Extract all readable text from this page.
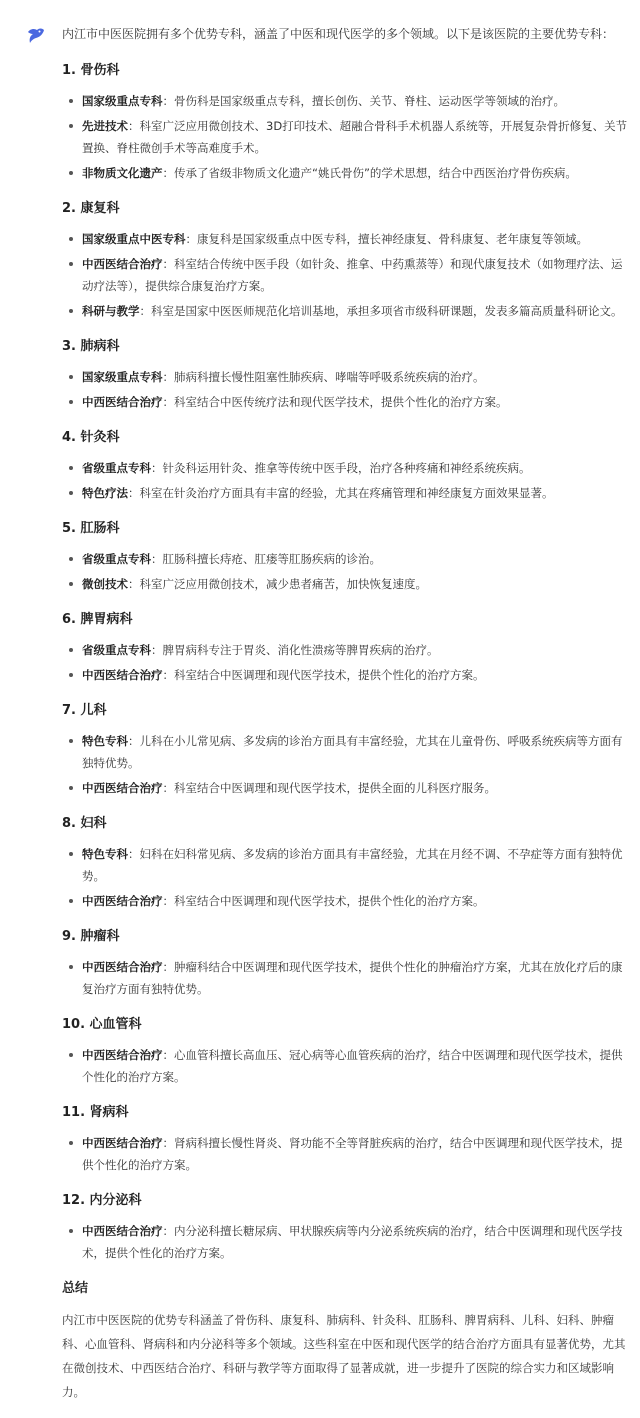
内江市中医医院拥有多个优势专科，涵盖了中医和现代医学的多个领域。以下是该医院的主要优势专科：

1. 骨伤科
国家级重点专科：骨伤科是国家级重点专科，擅长创伤、关节、脊柱、运动医学等领域的治疗。
先进技术：科室广泛应用微创技术、3D打印技术、超融合骨科手术机器人系统等，开展复杂骨折修复、关节置换、脊柱微创手术等高难度手术。
非物质文化遗产：传承了省级非物质文化遗产“姚氏骨伤”的学术思想，结合中西医治疗骨伤疾病。
2. 康复科
国家级重点中医专科：康复科是国家级重点中医专科，擅长神经康复、骨科康复、老年康复等领域。
中西医结合治疗：科室结合传统中医手段（如针灸、推拿、中药熏蒸等）和现代康复技术（如物理疗法、运动疗法等），提供综合康复治疗方案。
科研与教学：科室是国家中医医师规范化培训基地，承担多项省市级科研课题，发表多篇高质量科研论文。
3. 肺病科
国家级重点专科：肺病科擅长慢性阻塞性肺疾病、哮喘等呼吸系统疾病的治疗。
中西医结合治疗：科室结合中医传统疗法和现代医学技术，提供个性化的治疗方案。
4. 针灸科
省级重点专科：针灸科运用针灸、推拿等传统中医手段，治疗各种疼痛和神经系统疾病。
特色疗法：科室在针灸治疗方面具有丰富的经验，尤其在疼痛管理和神经康复方面效果显著。
5. 肛肠科
省级重点专科：肛肠科擅长痔疮、肛瘘等肛肠疾病的诊治。
微创技术：科室广泛应用微创技术，减少患者痛苦，加快恢复速度。
6. 脾胃病科
省级重点专科：脾胃病科专注于胃炎、消化性溃疡等脾胃疾病的治疗。
中西医结合治疗：科室结合中医调理和现代医学技术，提供个性化的治疗方案。
7. 儿科
特色专科：儿科在小儿常见病、多发病的诊治方面具有丰富经验，尤其在儿童骨伤、呼吸系统疾病等方面有独特优势。
中西医结合治疗：科室结合中医调理和现代医学技术，提供全面的儿科医疗服务。
8. 妇科
特色专科：妇科在妇科常见病、多发病的诊治方面具有丰富经验，尤其在月经不调、不孕症等方面有独特优势。
中西医结合治疗：科室结合中医调理和现代医学技术，提供个性化的治疗方案。
9. 肿瘤科
中西医结合治疗：肿瘤科结合中医调理和现代医学技术，提供个性化的肿瘤治疗方案，尤其在放化疗后的康复治疗方面有独特优势。
10. 心血管科
中西医结合治疗：心血管科擅长高血压、冠心病等心血管疾病的治疗，结合中医调理和现代医学技术，提供个性化的治疗方案。
11. 肾病科
中西医结合治疗：肾病科擅长慢性肾炎、肾功能不全等肾脏疾病的治疗，结合中医调理和现代医学技术，提供个性化的治疗方案。
12. 内分泌科
中西医结合治疗：内分泌科擅长糖尿病、甲状腺疾病等内分泌系统疾病的治疗，结合中医调理和现代医学技术，提供个性化的治疗方案。
总结

内江市中医医院的优势专科涵盖了骨伤科、康复科、肺病科、针灸科、肛肠科、脾胃病科、儿科、妇科、肿瘤科、心血管科、肾病科和内分泌科等多个领域。这些科室在中医和现代医学的结合治疗方面具有显著优势，尤其在微创技术、中西医结合治疗、科研与教学等方面取得了显著成就，进一步提升了医院的综合实力和区域影响力。
